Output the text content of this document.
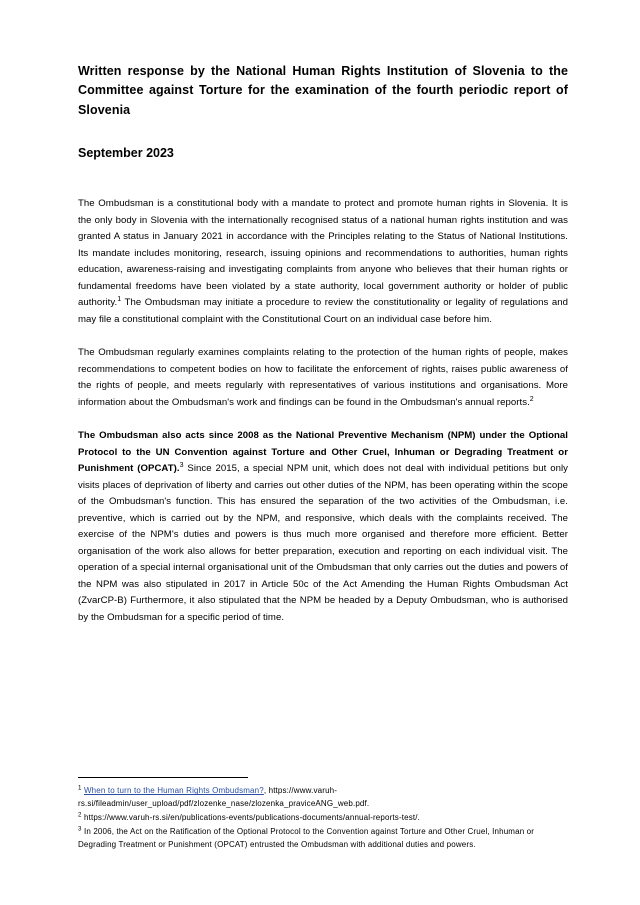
Written response by the National Human Rights Institution of Slovenia to the Committee against Torture for the examination of the fourth periodic report of Slovenia
September 2023

The Ombudsman is a constitutional body with a mandate to protect and promote human rights in Slovenia. It is the only body in Slovenia with the internationally recognised status of a national human rights institution and was granted A status in January 2021 in accordance with the Principles relating to the Status of National Institutions. Its mandate includes monitoring, research, issuing opinions and recommendations to authorities, human rights education, awareness-raising and investigating complaints from anyone who believes that their human rights or fundamental freedoms have been violated by a state authority, local government authority or holder of public authority.$^1$ The Ombudsman may initiate a procedure to review the constitutionality or legality of regulations and may file a constitutional complaint with the Constitutional Court on an individual case before him.

The Ombudsman regularly examines complaints relating to the protection of the human rights of people, makes recommendations to competent bodies on how to facilitate the enforcement of rights, raises public awareness of the rights of people, and meets regularly with representatives of various institutions and organisations. More information about the Ombudsman's work and findings can be found in the Ombudsman's annual reports.$^2$

The Ombudsman also acts since 2008 as the National Preventive Mechanism (NPM) under the Optional Protocol to the UN Convention against Torture and Other Cruel, Inhuman or Degrading Treatment or Punishment (OPCAT).$^3$ Since 2015, a special NPM unit, which does not deal with individual petitions but only visits places of deprivation of liberty and carries out other duties of the NPM, has been operating within the scope of the Ombudsman's function. This has ensured the separation of the two activities of the Ombudsman, i.e. preventive, which is carried out by the NPM, and responsive, which deals with the complaints received. The exercise of the NPM's duties and powers is thus much more organised and therefore more efficient. Better organisation of the work also allows for better preparation, execution and reporting on each individual visit. The operation of a special internal organisational unit of the Ombudsman that only carries out the duties and powers of the NPM was also stipulated in 2017 in Article 50c of the Act Amending the Human Rights Ombudsman Act (ZvarCP-B) Furthermore, it also stipulated that the NPM be headed by a Deputy Ombudsman, who is authorised by the Ombudsman for a specific period of time.

$^1$ When to turn to the Human Rights Ombudsman?, https://www.varuh-rs.si/fileadmin/user_upload/pdf/zlozenke_nase/zlozenka_praviceANG_web.pdf.

$^2$ https://www.varuh-rs.si/en/publications-events/publications-documents/annual-reports-test/.

$^3$ In 2006, the Act on the Ratification of the Optional Protocol to the Convention against Torture and Other Cruel, Inhuman or Degrading Treatment or Punishment (OPCAT) entrusted the Ombudsman with additional duties and powers.
